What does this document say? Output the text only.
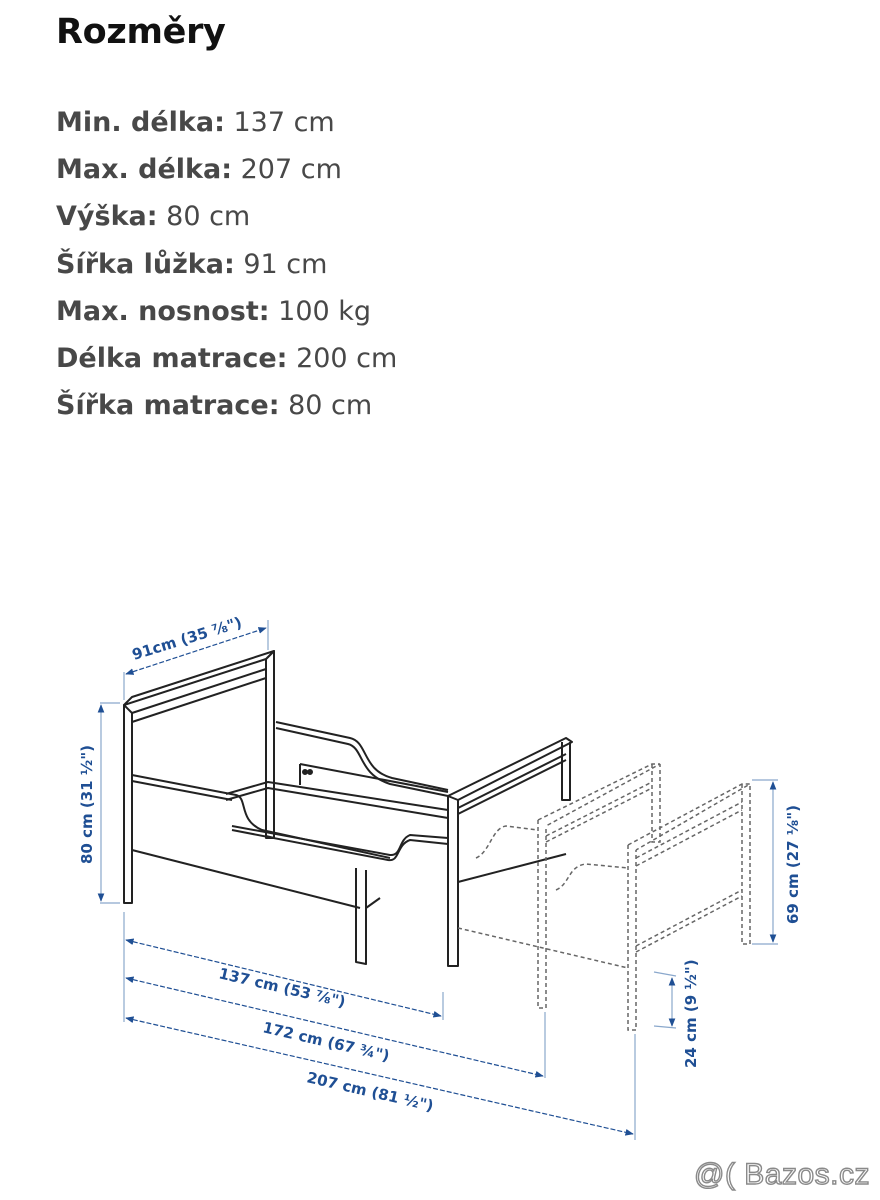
Rozměry
Min. délka: 137 cm
Max. délka: 207 cm
Výška: 80 cm
Šířka lůžka: 91 cm
Max. nosnost: 100 kg
Délka matrace: 200 cm
Šířka matrace: 80 cm
91cm (35 ⅞")
80 cm (31 ½")
137 cm (53 ⅞")
172 cm (67 ¾")
207 cm (81 ½")
69 cm (27 ⅛")
24 cm (9 ½")
@( Bazos.cz
